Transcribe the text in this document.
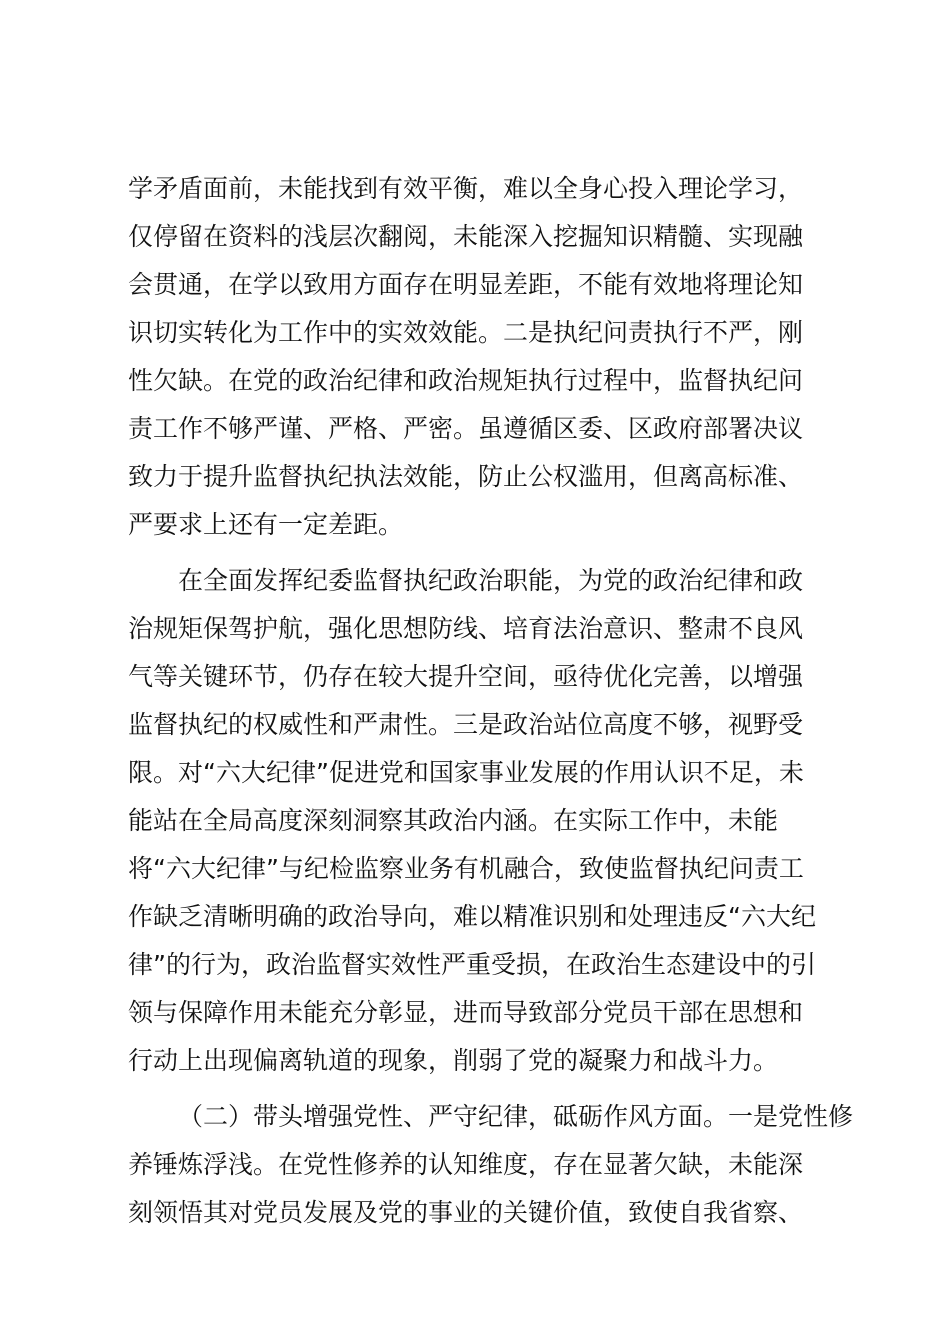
学矛盾面前，未能找到有效平衡，难以全身心投入理论学习，
仅停留在资料的浅层次翻阅，未能深入挖掘知识精髓、实现融
会贯通，在学以致用方面存在明显差距，不能有效地将理论知
识切实转化为工作中的实效效能。二是执纪问责执行不严，刚
性欠缺。在党的政治纪律和政治规矩执行过程中，监督执纪问
责工作不够严谨、严格、严密。虽遵循区委、区政府部署决议
致力于提升监督执纪执法效能，防止公权滥用，但离高标准、
严要求上还有一定差距。
在全面发挥纪委监督执纪政治职能，为党的政治纪律和政
治规矩保驾护航，强化思想防线、培育法治意识、整肃不良风
气等关键环节，仍存在较大提升空间，亟待优化完善，以增强
监督执纪的权威性和严肃性。三是政治站位高度不够，视野受
限。对“六大纪律”促进党和国家事业发展的作用认识不足，未
能站在全局高度深刻洞察其政治内涵。在实际工作中，未能
将“六大纪律”与纪检监察业务有机融合，致使监督执纪问责工
作缺乏清晰明确的政治导向，难以精准识别和处理违反“六大纪
律”的行为，政治监督实效性严重受损，在政治生态建设中的引
领与保障作用未能充分彰显，进而导致部分党员干部在思想和
行动上出现偏离轨道的现象，削弱了党的凝聚力和战斗力。
（二）带头增强党性、严守纪律，砥砺作风方面。一是党性修
养锤炼浮浅。在党性修养的认知维度，存在显著欠缺，未能深
刻领悟其对党员发展及党的事业的关键价值，致使自我省察、
